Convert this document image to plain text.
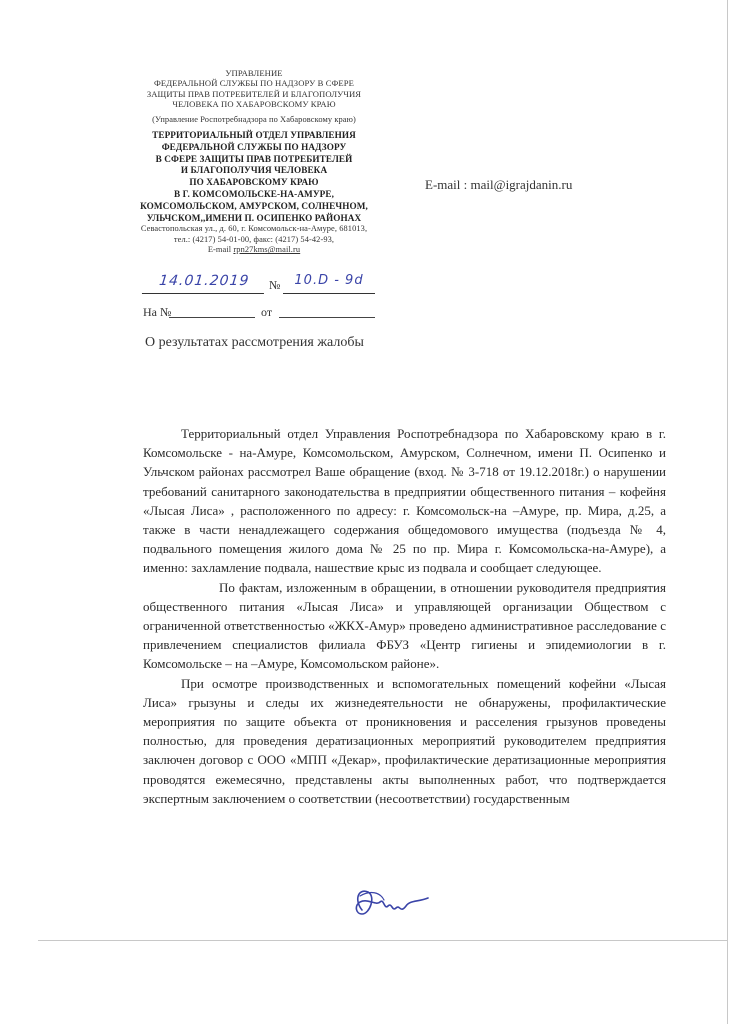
УПРАВЛЕНИЕ
ФЕДЕРАЛЬНОЙ СЛУЖБЫ ПО НАДЗОРУ В СФЕРЕ
ЗАЩИТЫ ПРАВ ПОТРЕБИТЕЛЕЙ И БЛАГОПОЛУЧИЯ
ЧЕЛОВЕКА ПО ХАБАРОВСКОМУ КРАЮ
(Управление Роспотребнадзора по Хабаровскому краю)
ТЕРРИТОРИАЛЬНЫЙ ОТДЕЛ УПРАВЛЕНИЯ
ФЕДЕРАЛЬНОЙ СЛУЖБЫ ПО НАДЗОРУ
В СФЕРЕ ЗАЩИТЫ ПРАВ ПОТРЕБИТЕЛЕЙ
И БЛАГОПОЛУЧИЯ ЧЕЛОВЕКА
ПО ХАБАРОВСКОМУ КРАЮ
В Г. КОМСОМОЛЬСКЕ-НА-АМУРЕ,
КОМСОМОЛЬСКОМ, АМУРСКОМ, СОЛНЕЧНОМ,
УЛЬЧСКОМ,,ИМЕНИ П. ОСИПЕНКО РАЙОНАХ
Севастопольская ул., д. 60, г. Комсомольск-на-Амуре, 681013,
тел.: (4217) 54-01-00, факс: (4217) 54-42-93,
E-mail rpn27kms@mail.ru
E-mail : mail@igrajdanin.ru
14.01.2019	№	10.D - 9d
На №	от
О результатах рассмотрения жалобы

Территориальный отдел Управления Роспотребнадзора по Хабаровскому краю в г. Комсомольске - на-Амуре, Комсомольском, Амурском, Солнечном, имени П. Осипенко и Ульчском районах рассмотрел Ваше обращение (вход. № 3-718 от 19.12.2018г.) о нарушении требований санитарного законодательства в предприятии общественного питания – кофейня «Лысая Лиса» , расположенного по адресу: г. Комсомольск-на –Амуре, пр. Мира, д.25, а также в части ненадлежащего содержания общедомового имущества (подъезда № 4, подвального помещения жилого дома № 25 по пр. Мира г. Комсомольска-на-Амуре), а именно: захламление подвала, нашествие крыс из подвала и сообщает следующее.

По фактам, изложенным в обращении, в отношении руководителя предприятия общественного питания «Лысая Лиса» и управляющей организации Обществом с ограниченной ответственностью «ЖКХ-Амур» проведено административное расследование с привлечением специалистов филиала ФБУЗ «Центр гигиены и эпидемиологии в г. Комсомольске – на –Амуре, Комсомольском районе».

При осмотре производственных и вспомогательных помещений кофейни «Лысая Лиса» грызуны и следы их жизнедеятельности не обнаружены, профилактические мероприятия по защите объекта от проникновения и расселения грызунов проведены полностью, для проведения дератизационных мероприятий руководителем предприятия заключен договор с ООО «МПП «Декар», профилактические дератизационные мероприятия проводятся ежемесячно, представлены акты выполненных работ, что подтверждается экспертным заключением о соответствии (несоответствии) государственным
